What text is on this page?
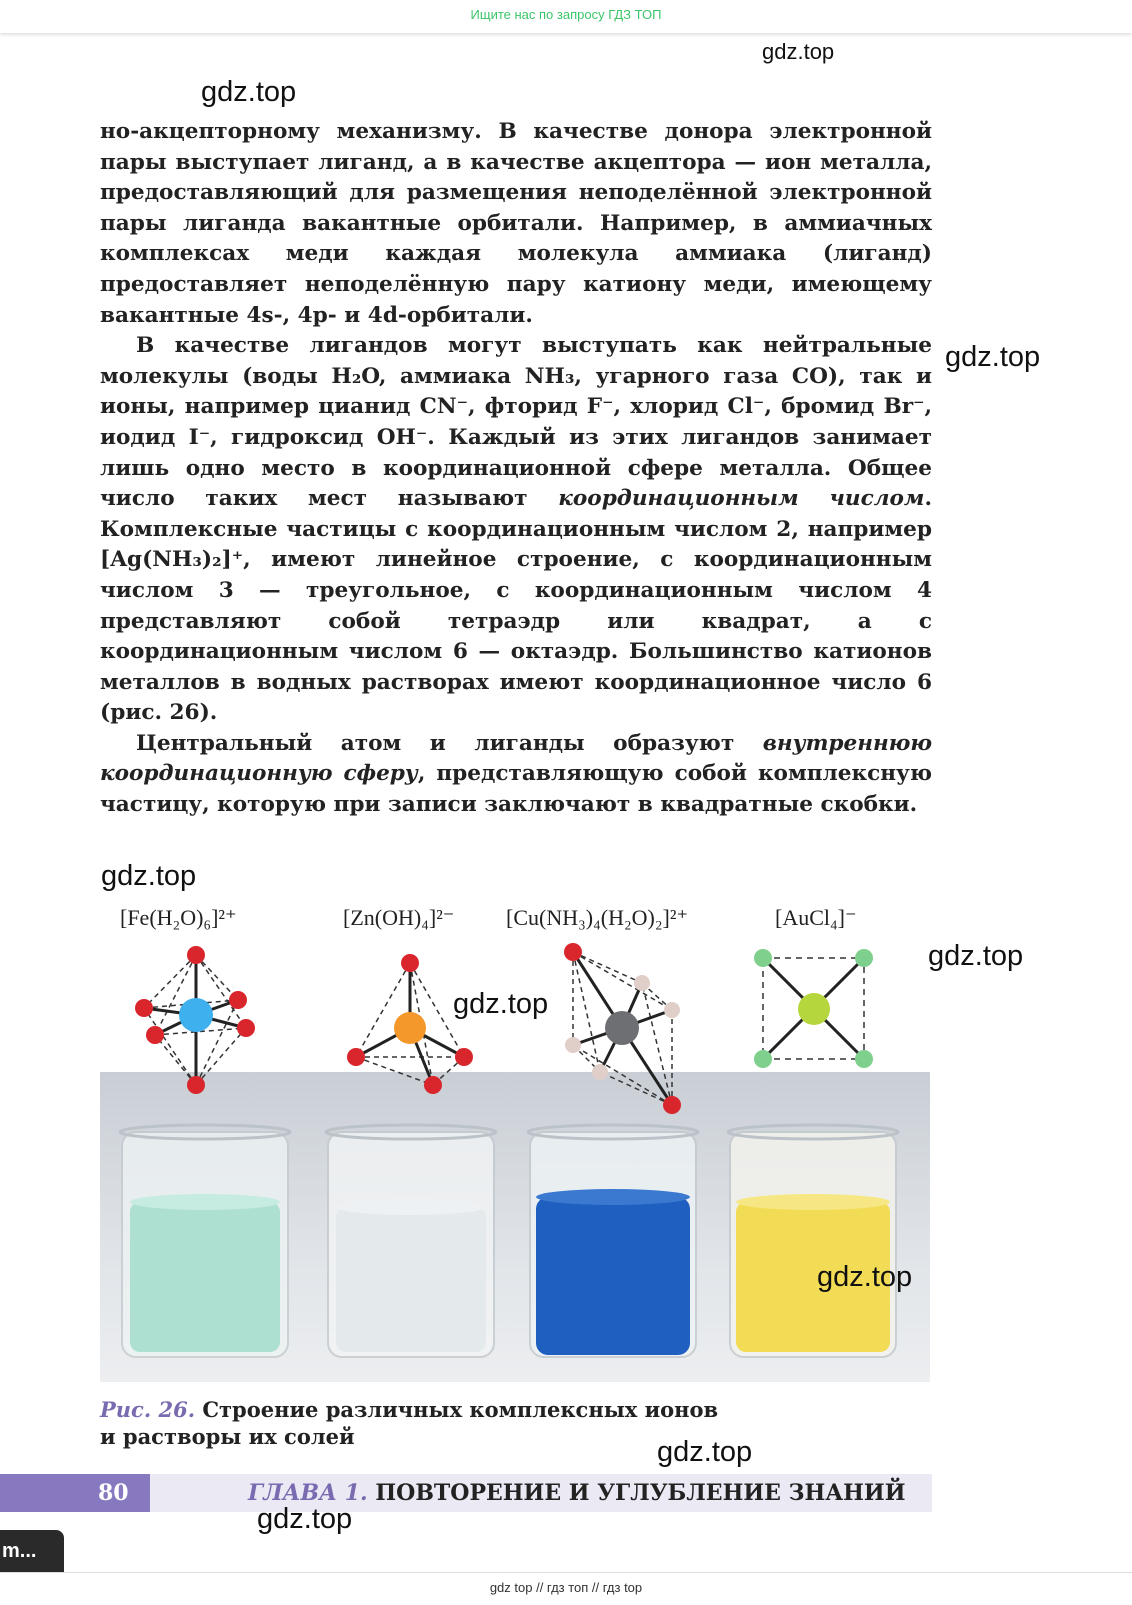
Ищите нас по запросу ГДЗ ТОП

но-акцепторному механизму. В качестве донора электронной пары выступает лиганд, а в качестве акцептора — ион металла, предоставляющий для размещения неподелённой электронной пары лиганда вакантные орбитали. Например, в аммиачных комплексах меди каждая молекула аммиака (лиганд) предоставляет неподелённую пару катиону меди, имеющему вакантные 4s-, 4p- и 4d-орбитали.

В качестве лигандов могут выступать как нейтральные молекулы (воды H₂O, аммиака NH₃, угарного газа CO), так и ионы, например цианид CN⁻, фторид F⁻, хлорид Cl⁻, бромид Br⁻, иодид I⁻, гидроксид OH⁻. Каждый из этих лигандов занимает лишь одно место в координационной сфере металла. Общее число таких мест называют координационным числом. Комплексные частицы с координационным числом 2, например [Ag(NH₃)₂]⁺, имеют линейное строение, с координационным числом 3 — треугольное, с координационным числом 4 представляют собой тетраэдр или квадрат, а с координационным числом 6 — октаэдр. Большинство катионов металлов в водных растворах имеют координационное число 6 (рис. 26).

Центральный атом и лиганды образуют внутреннюю координационную сферу, представляющую собой комплексную частицу, которую при записи заключают в квадратные скобки.

[Fe(H₂O)₆]²⁺	[Zn(OH)₄]²⁻ [Cu(NH₃)₄(H₂O)₂]²⁺	[AuCl₄]⁻
Рис. 26. Строение различных комплексных ионов и растворы их солей
80	ГЛАВА 1. ПОВТОРЕНИЕ И УГЛУБЛЕНИЕ ЗНАНИЙ
gdz.top
gdz.top
gdz.top
gdz.top
gdz.top
gdz.top
gdz.top
gdz.top
gdz.top
m...
gdz top // гдз топ // гдз top
